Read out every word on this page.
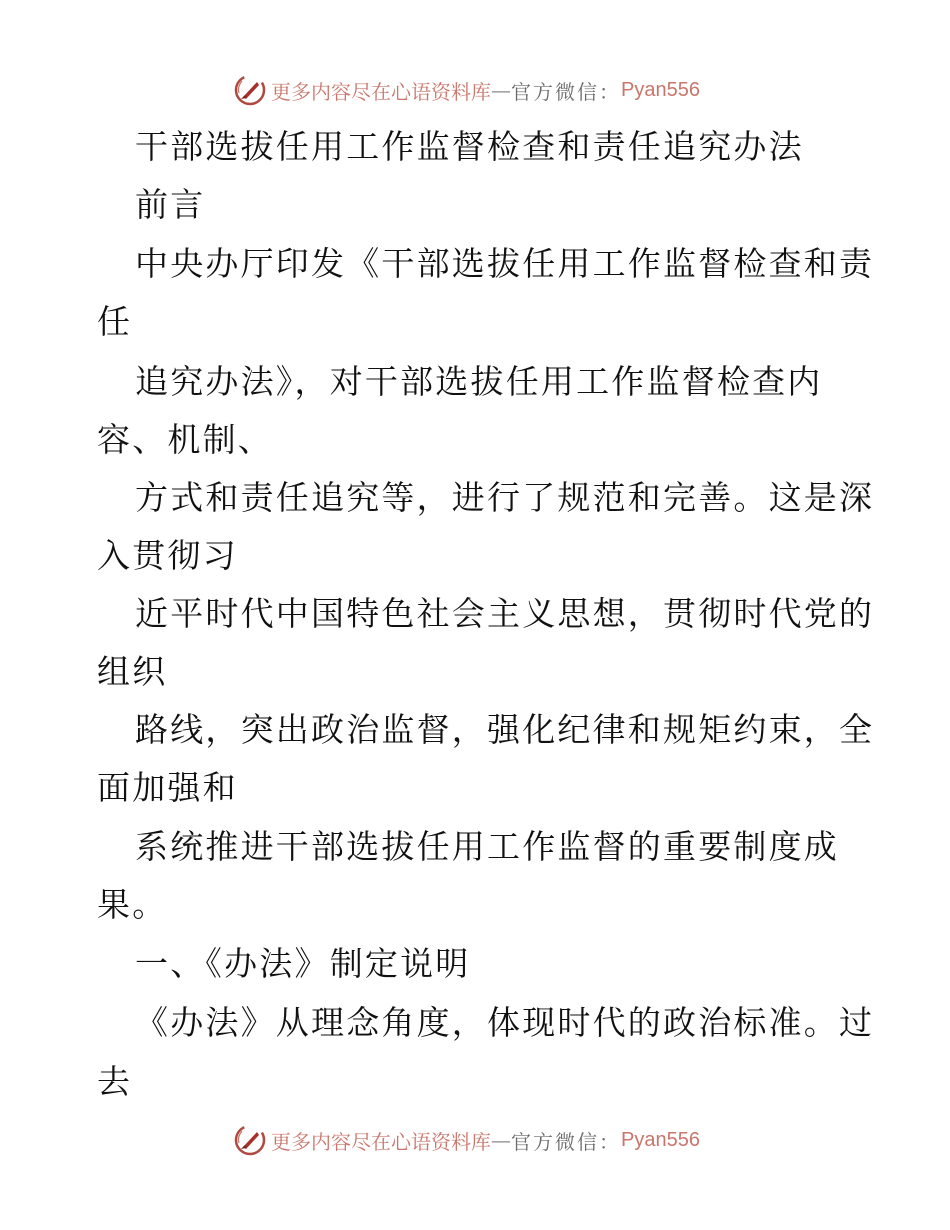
更多内容尽在心语资料库 — 官方微信： Pyan556
干部选拔任用工作监督检查和责任追究办法
前言
中央办厅印发《干部选拔任用工作监督检查和责
任
追究办法》，对干部选拔任用工作监督检查内
容、机制、
方式和责任追究等，进行了规范和完善。这是深
入贯彻习
近平时代中国特色社会主义思想，贯彻时代党的
组织
路线，突出政治监督，强化纪律和规矩约束，全
面加强和
系统推进干部选拔任用工作监督的重要制度成
果。
一、《办法》制定说明
《办法》从理念角度，体现时代的政治标准。过
去
更多内容尽在心语资料库 — 官方微信： Pyan556
